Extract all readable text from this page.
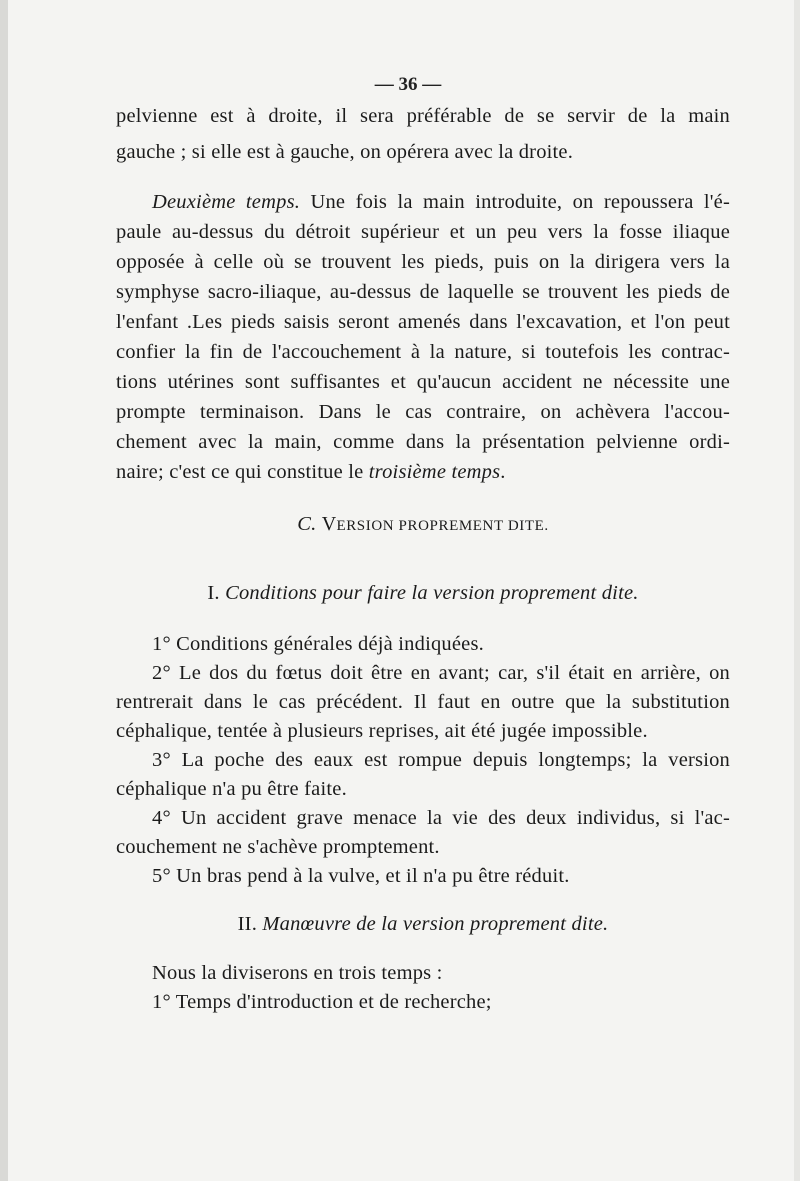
— 36 —
pelvienne est à droite, il sera préférable de se servir de la main
gauche ; si elle est à gauche, on opérera avec la droite.
Deuxième temps. Une fois la main introduite, on repoussera l'é-
paule au-dessus du détroit supérieur et un peu vers la fosse iliaque
opposée à celle où se trouvent les pieds, puis on la dirigera vers la
symphyse sacro-iliaque, au-dessus de laquelle se trouvent les pieds de
l'enfant .Les pieds saisis seront amenés dans l'excavation, et l'on peut
confier la fin de l'accouchement à la nature, si toutefois les contrac-
tions utérines sont suffisantes et qu'aucun accident ne nécessite une
prompte terminaison. Dans le cas contraire, on achèvera l'accou-
chement avec la main, comme dans la présentation pelvienne ordi-
naire; c'est ce qui constitue le troisième temps.
C. VERSION PROPREMENT DITE.
I. Conditions pour faire la version proprement dite.
1° Conditions générales déjà indiquées.
2° Le dos du fœtus doit être en avant; car, s'il était en arrière, on
rentrerait dans le cas précédent. Il faut en outre que la substitution
céphalique, tentée à plusieurs reprises, ait été jugée impossible.
3° La poche des eaux est rompue depuis longtemps; la version
céphalique n'a pu être faite.
4° Un accident grave menace la vie des deux individus, si l'ac-
couchement ne s'achève promptement.
5° Un bras pend à la vulve, et il n'a pu être réduit.
II. Manœuvre de la version proprement dite.
Nous la diviserons en trois temps :
1° Temps d'introduction et de recherche;
